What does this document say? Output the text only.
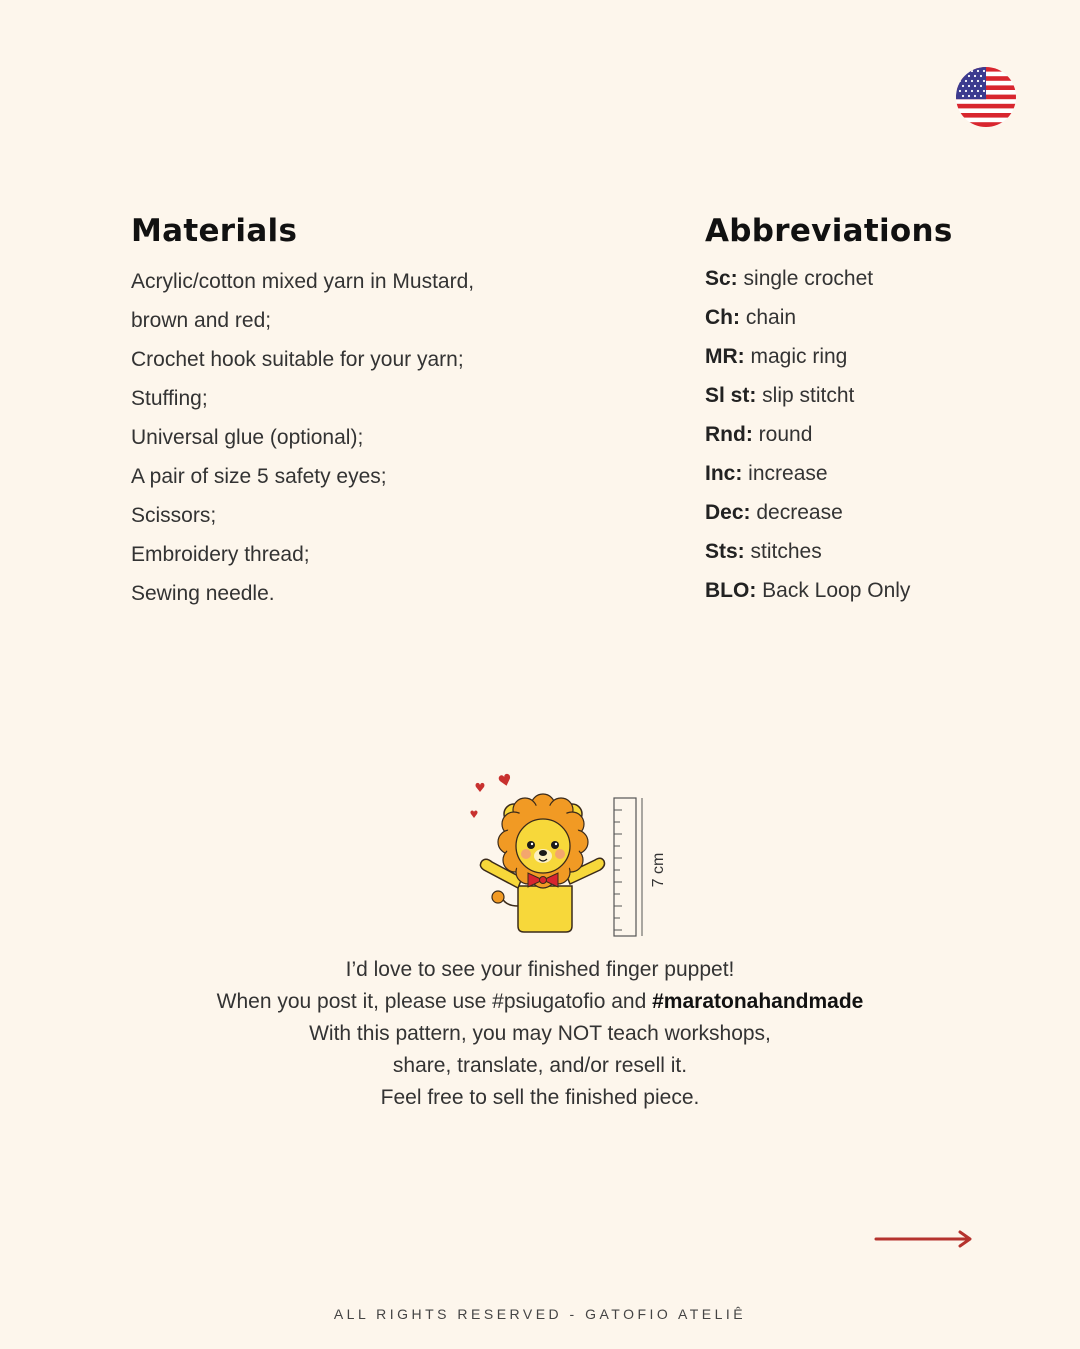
Materials
Acrylic/cotton mixed yarn in Mustard,
brown and red;
Crochet hook suitable for your yarn;
Stuffing;
Universal glue (optional);
A pair of size 5 safety eyes;
Scissors;
Embroidery thread;
Sewing needle.
Abbreviations
Sc: single crochet
Ch: chain
MR: magic ring
Sl st: slip stitcht
Rnd: round
Inc: increase
Dec: decrease
Sts: stitches
BLO: Back Loop Only
7 cm

I’d love to see your finished finger puppet!

When you post it, please use #psiugatofio and #maratonahandmade

With this pattern, you may NOT teach workshops,

share, translate, and/or resell it.

Feel free to sell the finished piece.

ALL RIGHTS RESERVED - GATOFIO ATELIÊ
